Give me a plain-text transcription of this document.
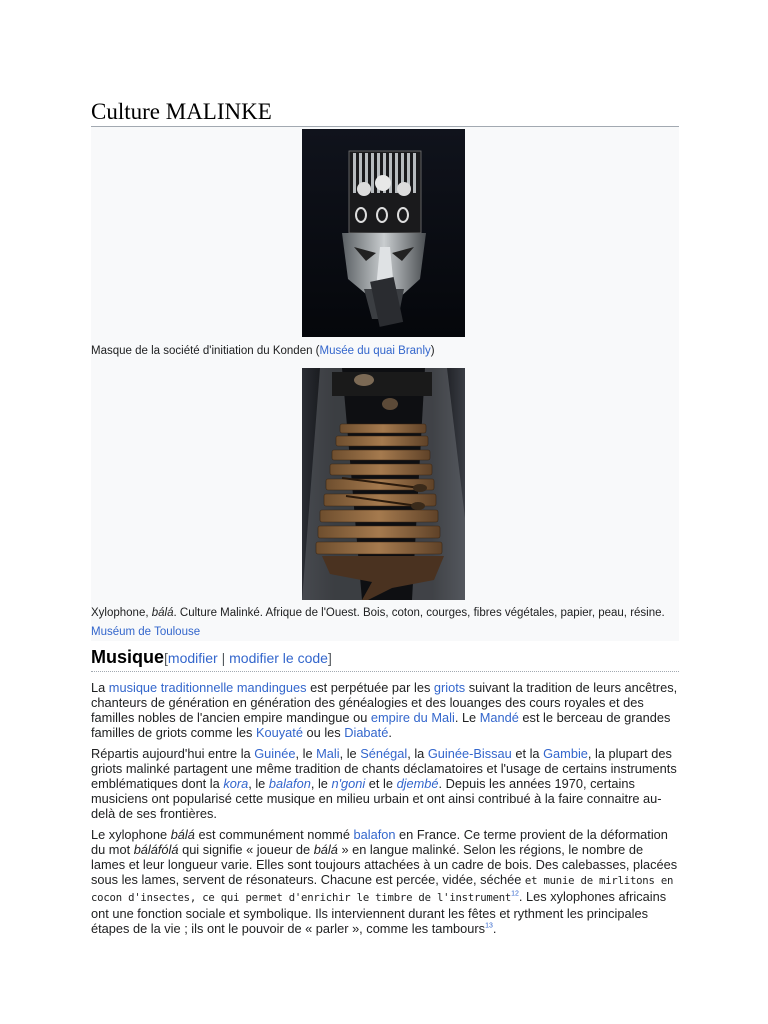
Culture MALINKE
Masque de la société d'initiation du Konden (Musée du quai Branly)
Xylophone, bálá. Culture Malinké. Afrique de l'Ouest. Bois, coton, courges, fibres végétales, papier, peau, résine. Muséum de Toulouse
Musique[modifier | modifier le code]

La musique traditionnelle mandingues est perpétuée par les griots suivant la tradition de leurs ancêtres, chanteurs de génération en génération des généalogies et des louanges des cours royales et des familles nobles de l'ancien empire mandingue ou empire du Mali. Le Mandé est le berceau de grandes familles de griots comme les Kouyaté ou les Diabaté.

Répartis aujourd'hui entre la Guinée, le Mali, le Sénégal, la Guinée-Bissau et la Gambie, la plupart des griots malinké partagent une même tradition de chants déclamatoires et l'usage de certains instruments emblématiques dont la kora, le balafon, le n'goni et le djembé. Depuis les années 1970, certains musiciens ont popularisé cette musique en milieu urbain et ont ainsi contribué à la faire connaitre au-delà de ses frontières.

Le xylophone bálá est communément nommé balafon en France. Ce terme provient de la déformation du mot báláfólá qui signifie « joueur de bálá » en langue malinké. Selon les régions, le nombre de lames et leur longueur varie. Elles sont toujours attachées à un cadre de bois. Des calebasses, placées sous les lames, servent de résonateurs. Chacune est percée, vidée, séchée et munie de mirlitons en cocon d'insectes, ce qui permet d'enrichir le timbre de l'instrument$^{12}$. Les xylophones africains ont une fonction sociale et symbolique. Ils interviennent durant les fêtes et rythment les principales étapes de la vie ; ils ont le pouvoir de « parler », comme les tambours$^{13}$.
